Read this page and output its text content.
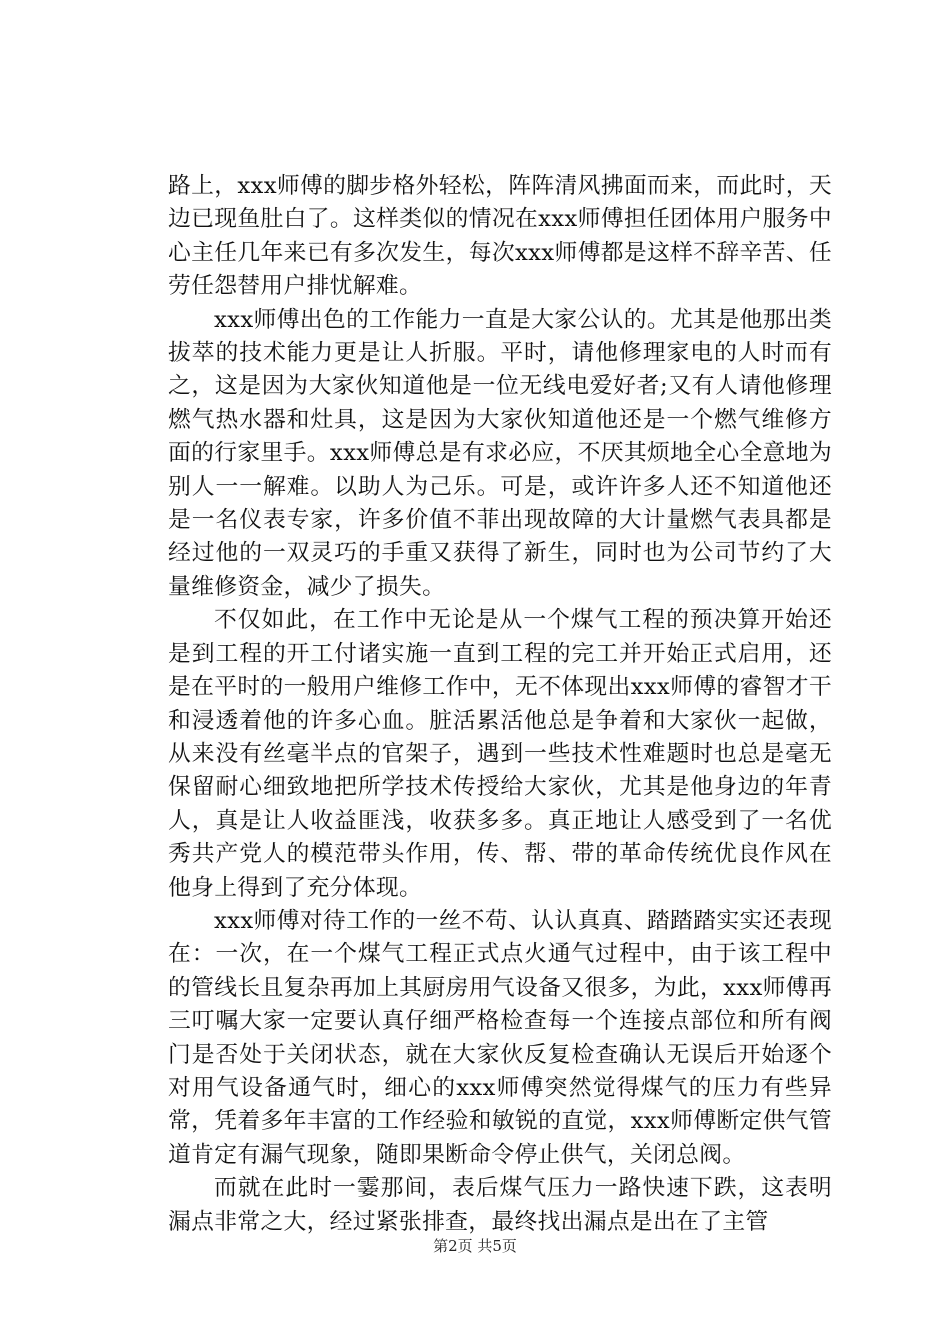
路上，xxx师傅的脚步格外轻松，阵阵清风拂面而来，而此时，天边已现鱼肚白了。这样类似的情况在xxx师傅担任团体用户服务中心主任几年来已有多次发生，每次xxx师傅都是这样不辞辛苦、任劳任怨替用户排忧解难。

xxx师傅出色的工作能力一直是大家公认的。尤其是他那出类拔萃的技术能力更是让人折服。平时，请他修理家电的人时而有之，这是因为大家伙知道他是一位无线电爱好者;又有人请他修理燃气热水器和灶具，这是因为大家伙知道他还是一个燃气维修方面的行家里手。xxx师傅总是有求必应，不厌其烦地全心全意地为别人一一解难。以助人为己乐。可是，或许许多人还不知道他还是一名仪表专家，许多价值不菲出现故障的大计量燃气表具都是经过他的一双灵巧的手重又获得了新生，同时也为公司节约了大量维修资金，减少了损失。

不仅如此，在工作中无论是从一个煤气工程的预决算开始还是到工程的开工付诸实施一直到工程的完工并开始正式启用，还是在平时的一般用户维修工作中，无不体现出xxx师傅的睿智才干和浸透着他的许多心血。脏活累活他总是争着和大家伙一起做，从来没有丝毫半点的官架子，遇到一些技术性难题时也总是毫无保留耐心细致地把所学技术传授给大家伙，尤其是他身边的年青人，真是让人收益匪浅，收获多多。真正地让人感受到了一名优秀共产党人的模范带头作用，传、帮、带的革命传统优良作风在他身上得到了充分体现。

xxx师傅对待工作的一丝不苟、认认真真、踏踏踏实实还表现在：一次，在一个煤气工程正式点火通气过程中，由于该工程中的管线长且复杂再加上其厨房用气设备又很多，为此，xxx师傅再三叮嘱大家一定要认真仔细严格检查每一个连接点部位和所有阀门是否处于关闭状态，就在大家伙反复检查确认无误后开始逐个对用气设备通气时，细心的xxx师傅突然觉得煤气的压力有些异常，凭着多年丰富的工作经验和敏锐的直觉，xxx师傅断定供气管道肯定有漏气现象，随即果断命令停止供气，关闭总阀。

而就在此时一霎那间，表后煤气压力一路快速下跌，这表明漏点非常之大，经过紧张排查，最终找出漏点是出在了主管

第2页 共5页
